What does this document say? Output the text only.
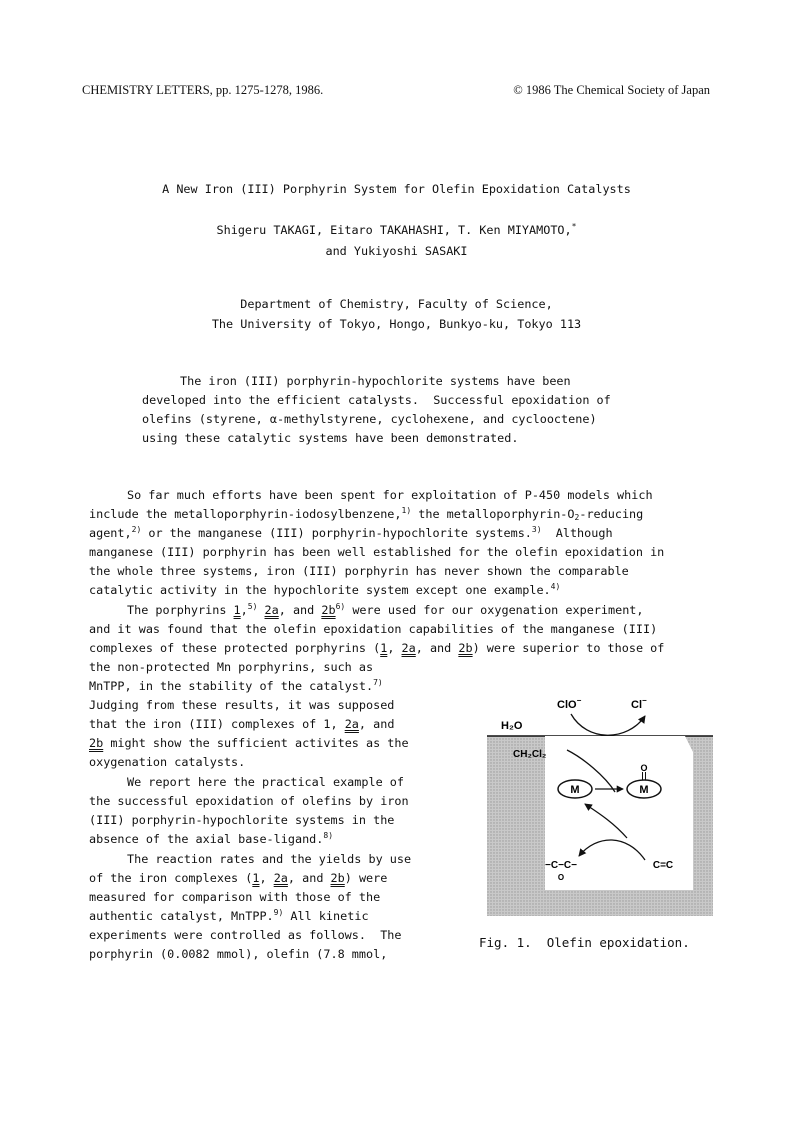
CHEMISTRY LETTERS, pp. 1275-1278, 1986.	© 1986 The Chemical Society of Japan
A New Iron (III) Porphyrin System for Olefin Epoxidation Catalysts
Shigeru TAKAGI, Eitaro TAKAHASHI, T. Ken MIYAMOTO,*
and Yukiyoshi SASAKI
Department of Chemistry, Faculty of Science,
The University of Tokyo, Hongo, Bunkyo-ku, Tokyo 113
The iron (III) porphyrin-hypochlorite systems have been
developed into the efficient catalysts.  Successful epoxidation of
olefins (styrene, α-methylstyrene, cyclohexene, and cyclooctene)
using these catalytic systems have been demonstrated.
So far much efforts have been spent for exploitation of P-450 models which
include the metalloporphyrin-iodosylbenzene,$^{1)}$ the metalloporphyrin-$O_2$-reducing
agent,$^{2)}$ or the manganese (III) porphyrin-hypochlorite systems.$^{3)}$  Although
manganese (III) porphyrin has been well established for the olefin epoxidation in
the whole three systems, iron (III) porphyrin has never shown the comparable
catalytic activity in the hypochlorite system except one example.$^{4)}$
The porphyrins 1,$^{5)}$ 2a, and $2b^{6)}$ were used for our oxygenation experiment,
and it was found that the olefin epoxidation capabilities of the manganese (III)
complexes of these protected porphyrins (1, 2a, and 2b) were superior to those of
the non-protected Mn porphyrins, such as
MnTPP, in the stability of the catalyst.$^{7)}$
Judging from these results, it was supposed
that the iron (III) complexes of 1, 2a, and
2b might show the sufficient activites as the
oxygenation catalysts.
We report here the practical example of
the successful epoxidation of olefins by iron
(III) porphyrin-hypochlorite systems in the
absence of the axial base-ligand.$^{8)}$
The reaction rates and the yields by use
of the iron complexes (1, 2a, and 2b) were
measured for comparison with those of the
authentic catalyst, MnTPP.$^{9)}$ All kinetic
experiments were controlled as follows.  The
porphyrin (0.0082 mmol), olefin (7.8 mmol,
ClO−	Cl−
H₂O
CH₂Cl₂
M	M
O
−C−C−
O
C=C
Fig. 1.  Olefin epoxidation.
